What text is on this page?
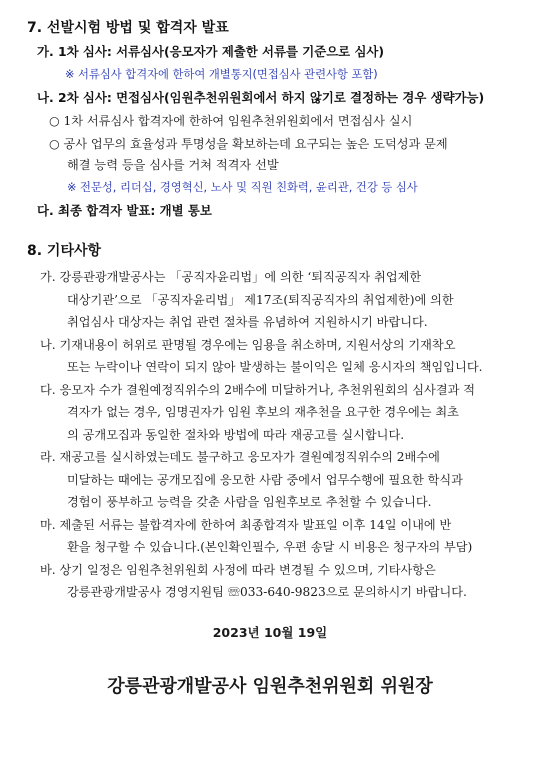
7. 선발시험 방법 및 합격자 발표
가. 1차 심사: 서류심사(응모자가 제출한 서류를 기준으로 심사)
※ 서류심사 합격자에 한하여 개별통지(면접심사 관련사항 포함)
나. 2차 심사: 면접심사(임원추천위원회에서 하지 않기로 결정하는 경우 생략가능)
○ 1차 서류심사 합격자에 한하여 임원추천위원회에서 면접심사 실시
○ 공사 업무의 효율성과 투명성을 확보하는데 요구되는 높은 도덕성과 문제
해결 능력 등을 심사를 거쳐 적격자 선발
※ 전문성, 리더십, 경영혁신, 노사 및 직원 친화력, 윤리관, 건강 등 심사
다. 최종 합격자 발표: 개별 통보
8. 기타사항
가. 강릉관광개발공사는 「공직자윤리법」에 의한 ‘퇴직공직자 취업제한
대상기관’으로 「공직자윤리법」 제17조(퇴직공직자의 취업제한)에 의한
취업심사 대상자는 취업 관련 절차를 유념하여 지원하시기 바랍니다.
나. 기재내용이 허위로 판명될 경우에는 임용을 취소하며, 지원서상의 기재착오
또는 누락이나 연락이 되지 않아 발생하는 불이익은 일체 응시자의 책임입니다.
다. 응모자 수가 결원예정직위수의 2배수에 미달하거나, 추천위원회의 심사결과 적
격자가 없는 경우, 임명권자가 임원 후보의 재추천을 요구한 경우에는 최초
의 공개모집과 동일한 절차와 방법에 따라 재공고를 실시합니다.
라. 재공고를 실시하였는데도 불구하고 응모자가 결원예정직위수의 2배수에
미달하는 때에는 공개모집에 응모한 사람 중에서 업무수행에 필요한 학식과
경험이 풍부하고 능력을 갖춘 사람을 임원후보로 추천할 수 있습니다.
마. 제출된 서류는 불합격자에 한하여 최종합격자 발표일 이후 14일 이내에 반
환을 청구할 수 있습니다.(본인확인필수, 우편 송달 시 비용은 청구자의 부담)
바. 상기 일정은 임원추천위원회 사정에 따라 변경될 수 있으며, 기타사항은
강릉관광개발공사 경영지원팀 ☏033-640-9823으로 문의하시기 바랍니다.
2023년 10월 19일
강릉관광개발공사 임원추천위원회 위원장
